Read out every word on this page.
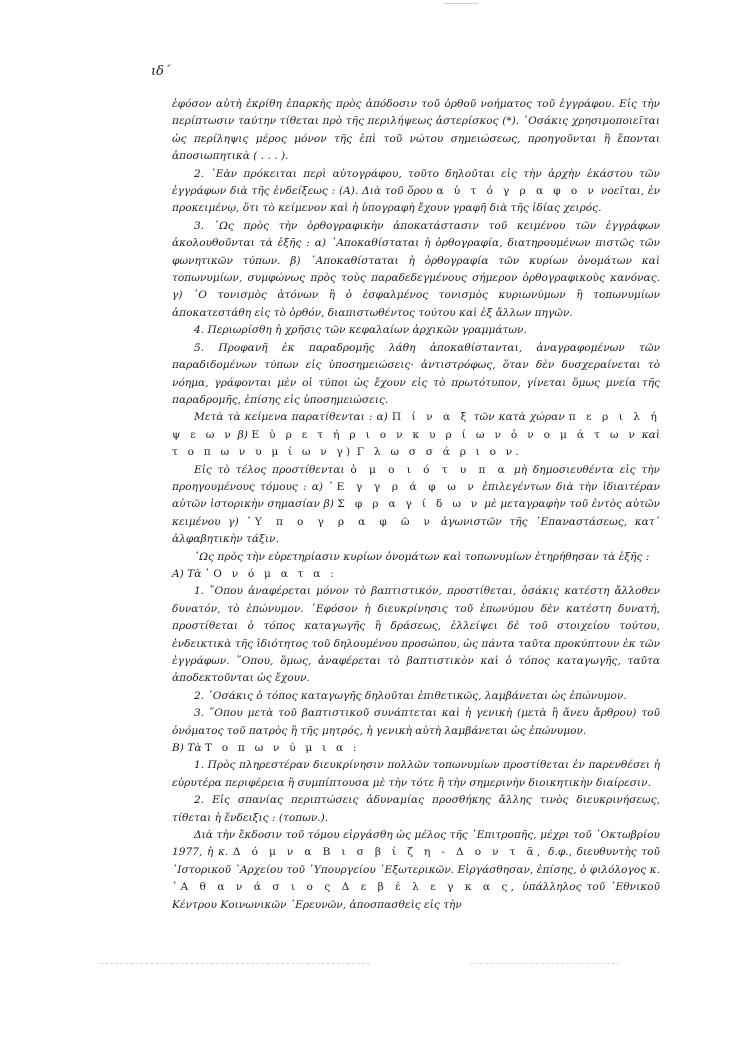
ιδ΄

ἐφόσον αὐτὴ ἐκρίθη ἐπαρκὴς πρὸς ἀπόδοσιν τοῦ ὀρθοῦ νοήματος τοῦ ἐγγράφου. Εἰς τὴν περίπτωσιν ταύτην τίθεται πρὸ τῆς περιλήψεως ἀστερίσκος (*). ῾Οσάκις χρησιμοποιεῖται ὡς περίληψις μέρος μόνον τῆς ἐπὶ τοῦ νώτου σημειώσεως, προηγοῦνται ἢ ἕπονται ἀποσιωπητικὰ ( . . . ).

2. ᾿Εὰν πρόκειται περὶ αὐτογράφου, τοῦτο δηλοῦται εἰς τὴν ἀρχὴν ἑκάστου τῶν ἐγγράφων διὰ τῆς ἐνδείξεως : (Α). Διὰ τοῦ ὅρου α ὐ τ ό γ ρ α φ ο ν νοεῖται, ἐν προκειμένῳ, ὅτι τὸ κείμενον καὶ ἡ ὑπογραφὴ ἔχουν γραφῆ διὰ τῆς ἰδίας χειρός.

3. ῾Ως πρὸς τὴν ὀρθογραφικὴν ἀποκατάστασιν τοῦ κειμένου τῶν ἐγγράφων ἀκολουθοῦνται τὰ ἑξῆς : α) ᾿Αποκαθίσταται ἡ ὀρθογραφία, διατηρουμένων πιστῶς τῶν φωνητικῶν τύπων. β) ᾿Αποκαθίσταται ἡ ὀρθογραφία τῶν κυρίων ὀνομάτων καὶ τοπωνυμίων, συμφώνως πρὸς τοὺς παραδεδεγμένους σήμερον ὀρθογραφικοὺς κανόνας. γ) ῾Ο τονισμὸς ἀτόνων ἢ ὁ ἐσφαλμένος τονισμὸς κυριωνύμων ἢ τοπωνυμίων ἀποκατεστάθη εἰς τὸ ὀρθόν, διαπιστωθέντος τούτου καὶ ἐξ ἄλλων πηγῶν.

4. Περιωρίσθη ἡ χρῆσις τῶν κεφαλαίων ἀρχικῶν γραμμάτων.

5. Προφανῆ ἐκ παραδρομῆς λάθη ἀποκαθίστανται, ἀναγραφομένων τῶν παραδιδομένων τύπων εἰς ὑποσημειώσεις· ἀντιστρόφως, ὅταν δὲν δυσχεραίνεται τὸ νόημα, γράφονται μὲν οἱ τύποι ὡς ἔχουν εἰς τὸ πρωτότυπον, γίνεται ὅμως μνεία τῆς παραδρομῆς, ἐπίσης εἰς ὑποσημειώσεις.

Μετὰ τὰ κείμενα παρατίθενται : α) Π ί ν α ξ τῶν κατὰ χώραν π ε ρ ι λ ή ψ ε ω ν β) Ε ὑ ρ ε τ ή ρ ι ο ν κ υ ρ ί ω ν ὀ ν ο μ ά τ ω ν καὶ τ ο π ω ν υ μ ί ω ν γ) Γ λ ω σ σ ά ρ ι ο ν.

Εἰς τὸ τέλος προστίθενται ὁ μ ο ι ό τ υ π α μὴ δημοσιευθέντα εἰς τὴν προηγουμένους τόμους : α) ᾿Ε γ γ ρ ά φ ω ν ἐπιλεγέντων διὰ τὴν ἰδιαιτέραν αὐτῶν ἱστορικὴν σημασίαν β) Σ φ ρ α γ ί δ ω ν μὲ μεταγραφὴν τοῦ ἐντὸς αὐτῶν κειμένου γ) ῾Υ π ο γ ρ α φ ῶ ν ἀγωνιστῶν τῆς ᾿Επαναστάσεως, κατ᾿ ἀλφαβητικὴν τάξιν.

῾Ως πρὸς τὴν εὑρετηρίασιν κυρίων ὀνομάτων καὶ τοπωνυμίων ἐτηρήθησαν τὰ ἑξῆς :

Α) Τὰ ᾿Ο ν ό μ α τ α :

1. ῞Οπου ἀναφέρεται μόνον τὸ βαπτιστικόν, προστίθεται, ὁσάκις κατέστη ἄλλοθεν δυνατόν, τὸ ἐπώνυμον. ᾿Εφόσον ἡ διευκρίνησις τοῦ ἐπωνύμου δὲν κατέστη δυνατή, προστίθεται ὁ τόπος καταγωγῆς ἢ δράσεως, ἐλλείψει δὲ τοῦ στοιχείου τούτου, ἐνδεικτικὰ τῆς ἰδιότητος τοῦ δηλουμένου προσώπου, ὡς πάντα ταῦτα προκύπτουν ἐκ τῶν ἐγγράφων. ῞Οπου, ὅμως, ἀναφέρεται τὸ βαπτιστικὸν καὶ ὁ τόπος καταγωγῆς, ταῦτα ἀποδεκτοῦνται ὡς ἔχουν.

2. ῾Οσάκις ὁ τόπος καταγωγῆς δηλοῦται ἐπιθετικῶς, λαμβάνεται ὡς ἐπώνυμον.

3. ῞Οπου μετὰ τοῦ βαπτιστικοῦ συνάπτεται καὶ ἡ γενικὴ (μετὰ ἢ ἄνευ ἄρθρου) τοῦ ὀνόματος τοῦ πατρὸς ἢ τῆς μητρός, ἡ γενικὴ αὐτὴ λαμβάνεται ὡς ἐπώνυμον.

Β) Τὰ Τ ο π ω ν ύ μ ι α :

1. Πρὸς πληρεστέραν διευκρίνησιν πολλῶν τοπωνυμίων προστίθεται ἐν παρενθέσει ἡ εὐρυτέρα περιφέρεια ἢ συμπίπτουσα μὲ τὴν τότε ἢ τὴν σημερινὴν διοικητικὴν διαίρεσιν.

2. Εἰς σπανίας περιπτώσεις ἀδυναμίας προσθήκης ἄλλης τινὸς διευκρινήσεως, τίθεται ἡ ἔνδειξις : (τοπων.).

Διὰ τὴν ἔκδοσιν τοῦ τόμου εἰργάσθη ὡς μέλος τῆς ᾿Επιτροπῆς, μέχρι τοῦ ᾿Οκτωβρίου 1977, ἡ κ. Δ ό μ ν α Β ι σ β ί ζ η - Δ ο ν τ ᾶ, δ.φ., διευθυντὴς τοῦ ῾Ιστορικοῦ ᾿Αρχείου τοῦ ῾Υπουργείου ᾿Εξωτερικῶν. Εἰργάσθησαν, ἐπίσης, ὁ φιλόλογος κ. ᾿Α θ α ν ά σ ι ο ς Δ ε β έ λ ε γ κ α ς, ὑπάλληλος τοῦ ᾿Εθνικοῦ Κέντρου Κοινωνικῶν ᾿Ερευνῶν, ἀποσπασθεὶς εἰς τὴν
